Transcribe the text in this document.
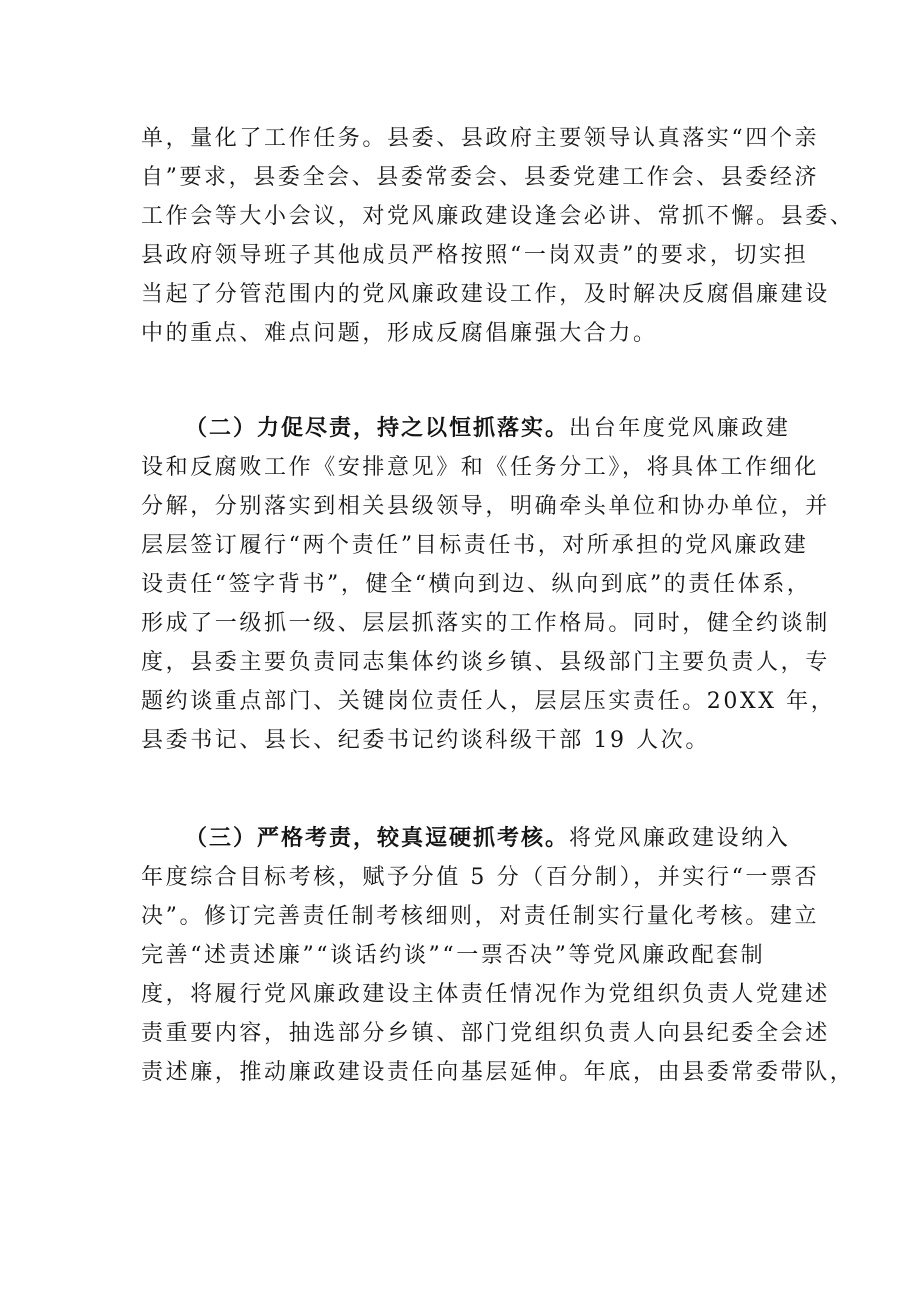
单，量化了工作任务。县委、县政府主要领导认真落实“四个亲
自”要求，县委全会、县委常委会、县委党建工作会、县委经济
工作会等大小会议，对党风廉政建设逢会必讲、常抓不懈。县委、
县政府领导班子其他成员严格按照“一岗双责”的要求，切实担
当起了分管范围内的党风廉政建设工作，及时解决反腐倡廉建设
中的重点、难点问题，形成反腐倡廉强大合力。
（二）力促尽责，持之以恒抓落实。出台年度党风廉政建
设和反腐败工作《安排意见》和《任务分工》，将具体工作细化
分解，分别落实到相关县级领导，明确牵头单位和协办单位，并
层层签订履行“两个责任”目标责任书，对所承担的党风廉政建
设责任“签字背书”，健全“横向到边、纵向到底”的责任体系，
形成了一级抓一级、层层抓落实的工作格局。同时，健全约谈制
度，县委主要负责同志集体约谈乡镇、县级部门主要负责人，专
题约谈重点部门、关键岗位责任人，层层压实责任。20XX 年，
县委书记、县长、纪委书记约谈科级干部 19 人次。
（三）严格考责，较真逗硬抓考核。将党风廉政建设纳入
年度综合目标考核，赋予分值 5 分（百分制），并实行“一票否
决”。修订完善责任制考核细则，对责任制实行量化考核。建立
完善“述责述廉”“谈话约谈”“一票否决”等党风廉政配套制
度，将履行党风廉政建设主体责任情况作为党组织负责人党建述
责重要内容，抽选部分乡镇、部门党组织负责人向县纪委全会述
责述廉，推动廉政建设责任向基层延伸。年底，由县委常委带队，
